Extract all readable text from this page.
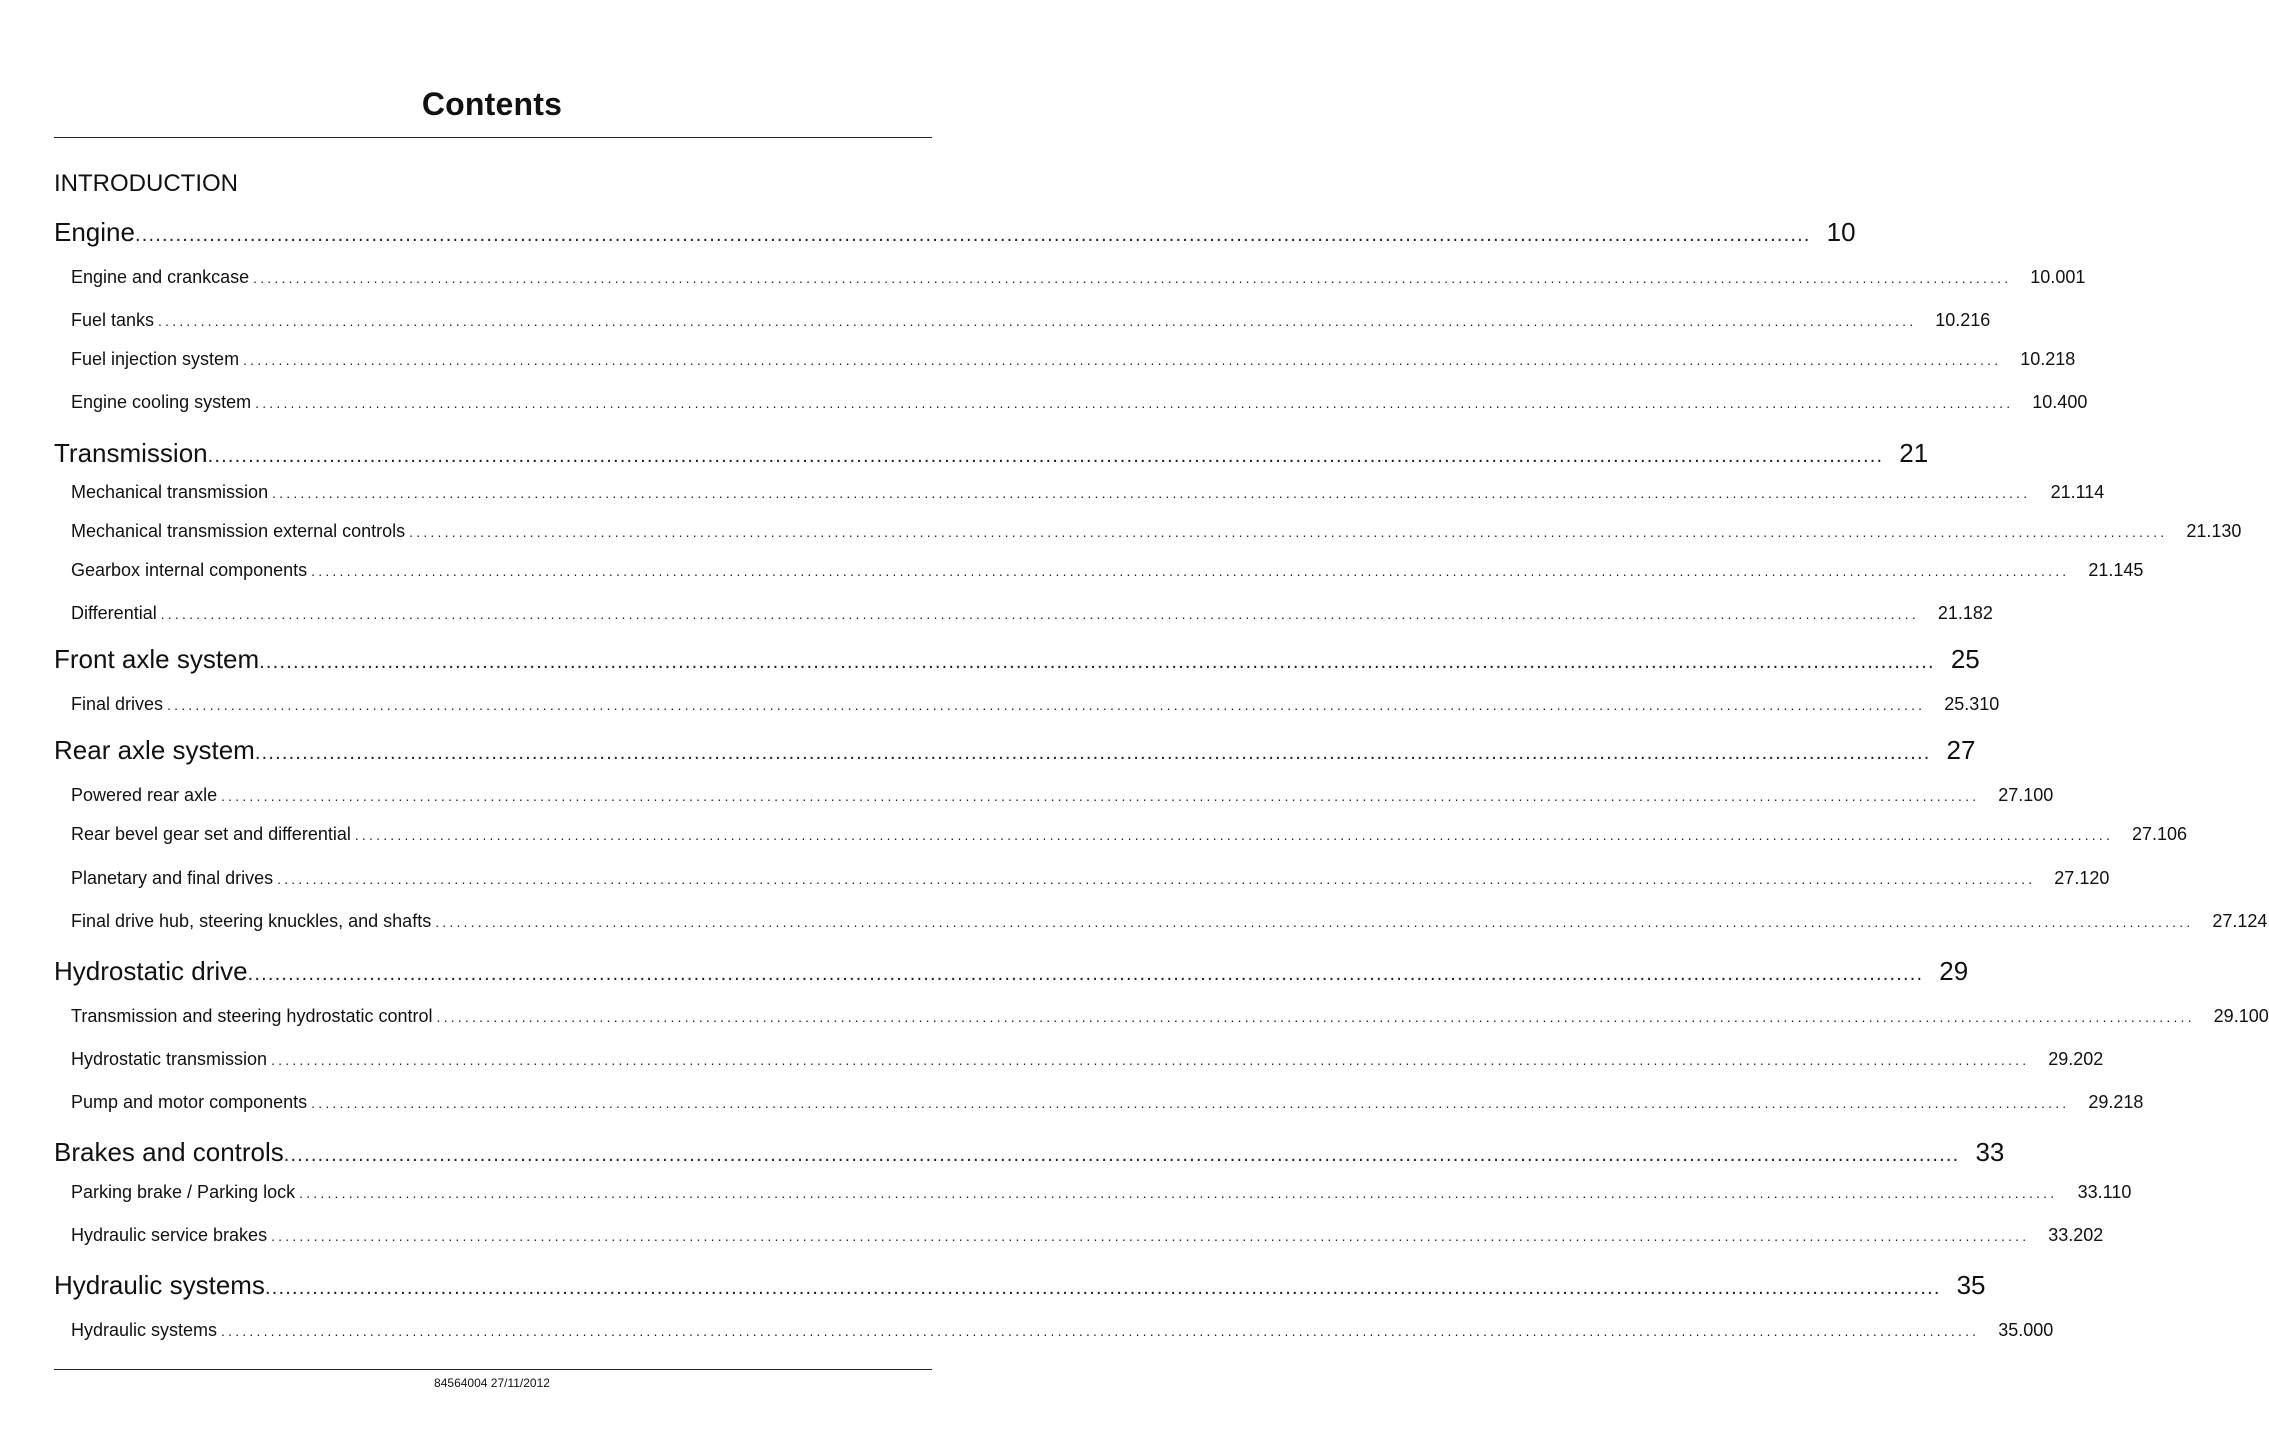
Contents
INTRODUCTION
Engine ........................................................................................................................................................................................................................................................ 10
Engine and crankcase ........................................................................................................................................................................................................................................................	10.001
Fuel tanks ........................................................................................................................................................................................................................................................	10.216
Fuel injection system ........................................................................................................................................................................................................................................................	10.218
Engine cooling system ........................................................................................................................................................................................................................................................	10.400
Transmission ........................................................................................................................................................................................................................................................ 21
Mechanical transmission ........................................................................................................................................................................................................................................................	21.114
Mechanical transmission external controls ........................................................................................................................................................................................................................................................	21.130
Gearbox internal components ........................................................................................................................................................................................................................................................	21.145
Differential ........................................................................................................................................................................................................................................................	21.182
Front axle system ........................................................................................................................................................................................................................................................ 25
Final drives ........................................................................................................................................................................................................................................................	25.310
Rear axle system ........................................................................................................................................................................................................................................................ 27
Powered rear axle ........................................................................................................................................................................................................................................................	27.100
Rear bevel gear set and differential ........................................................................................................................................................................................................................................................	27.106
Planetary and final drives ........................................................................................................................................................................................................................................................	27.120
Final drive hub, steering knuckles, and shafts ........................................................................................................................................................................................................................................................	27.124
Hydrostatic drive ........................................................................................................................................................................................................................................................ 29
Transmission and steering hydrostatic control ........................................................................................................................................................................................................................................................	29.100
Hydrostatic transmission ........................................................................................................................................................................................................................................................	29.202
Pump and motor components ........................................................................................................................................................................................................................................................	29.218
Brakes and controls ........................................................................................................................................................................................................................................................ 33
Parking brake / Parking lock ........................................................................................................................................................................................................................................................	33.110
Hydraulic service brakes ........................................................................................................................................................................................................................................................	33.202
Hydraulic systems ........................................................................................................................................................................................................................................................ 35
Hydraulic systems ........................................................................................................................................................................................................................................................	35.000
84564004 27/11/2012
